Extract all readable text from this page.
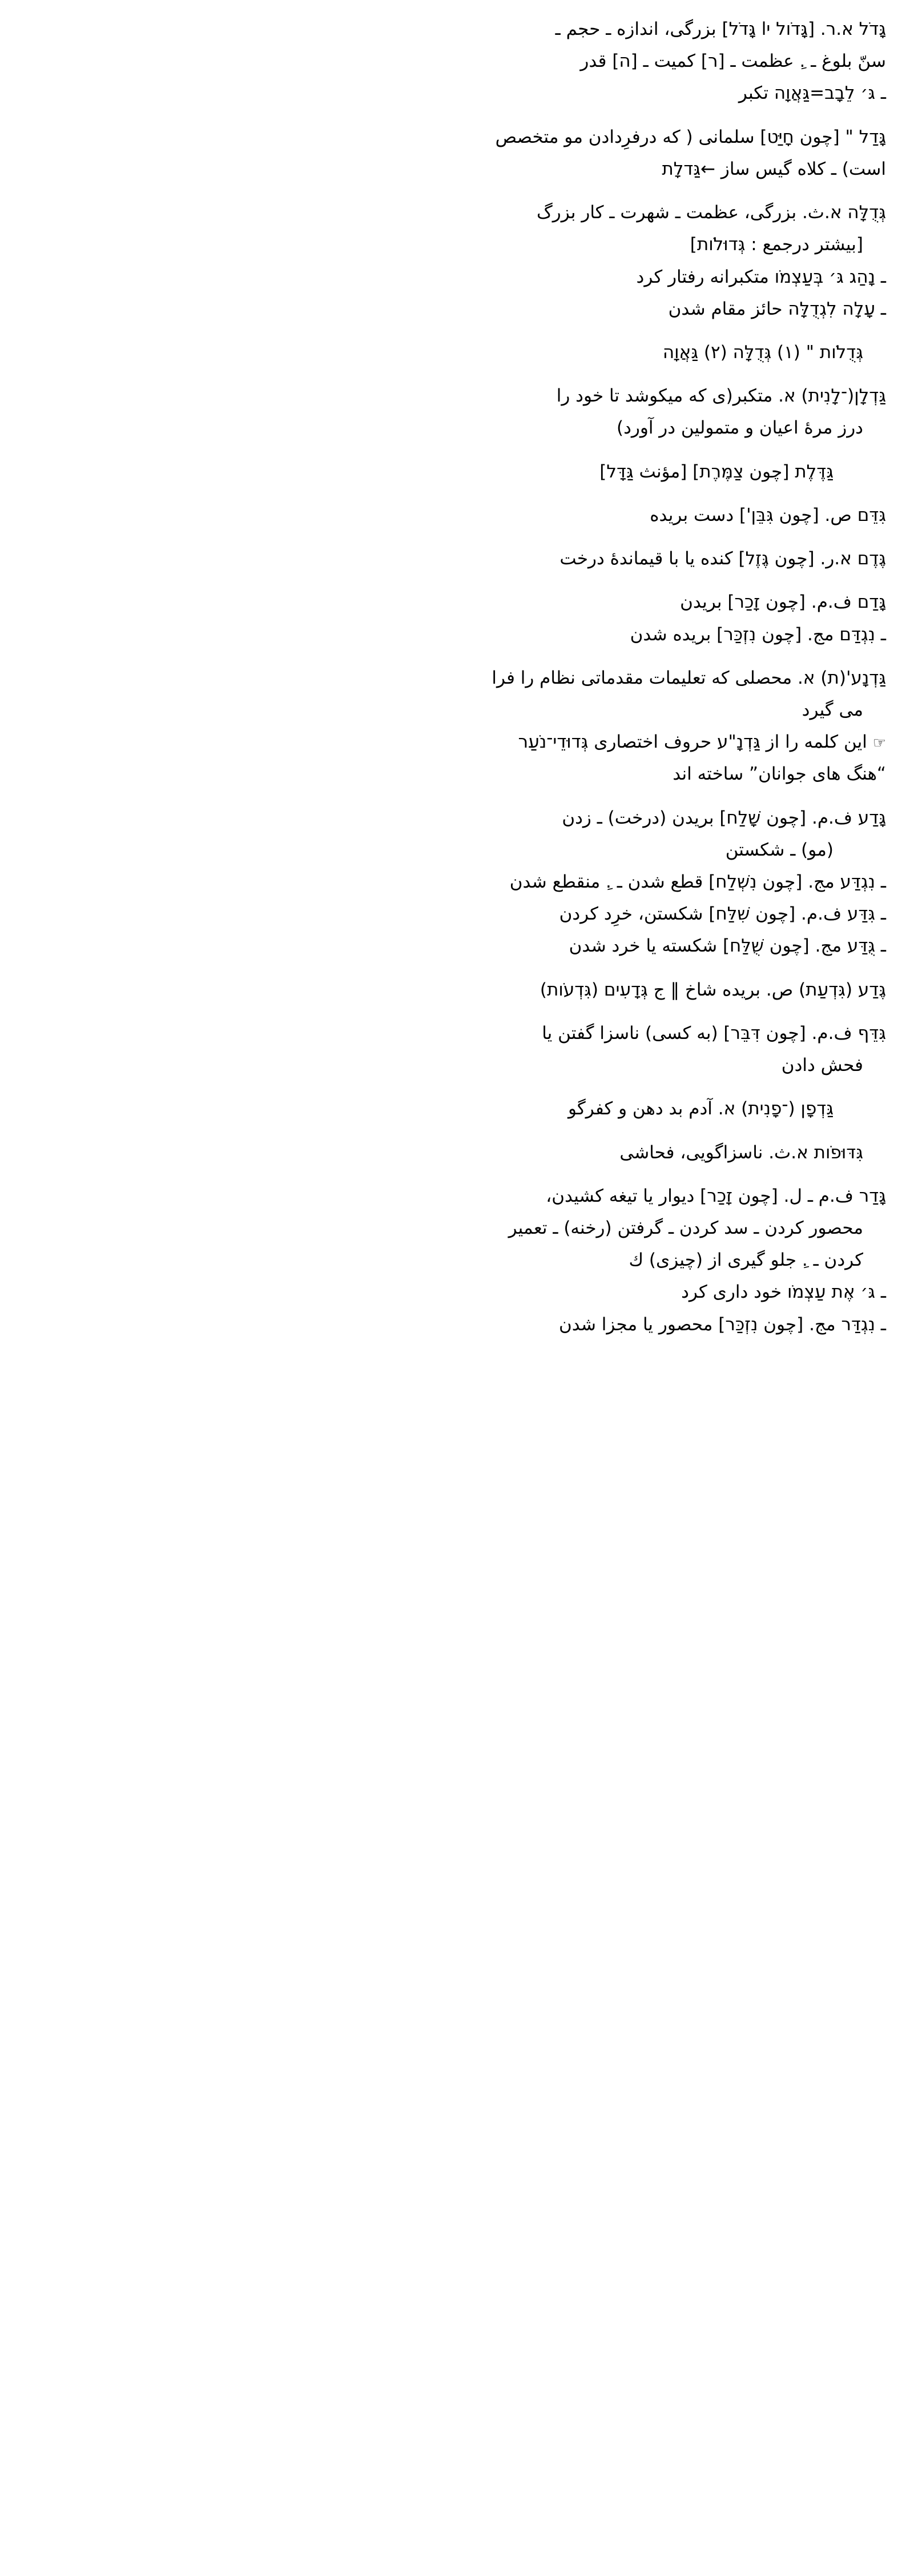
גָּדֹל א.ר. [גָּדֹול יا גָּדֹל] بزرگی، اندازه ـ حجم ـ
سنّ بلوغ ـ .ِ عظمت ـ [ר] کمیت ـ [ה] قدر
ـ גּ׳ לֵבָב=גַּאֲוָה تکبر
גָּדַל " [چون חָיַּט] سلمانی ( که درفرِدادن مو متخصص
است) ـ کلاه گیس ساز ←גַּדלָת
גְּדֻלָּה א.ث. بزرگی، عظمت ـ شهرت ـ کار بزرگ
[بیشتر درجمع : גְּדוּלֹות]
ـ נָהַג גּ׳ בְּעַצְמֹו متکبرانه رفتار کرد
ـ עָלָה לִגְדֻלָּה حائز مقام شدن
גְּדֻלֹות " (۱) גְּדֻלָּה (۲) גַּאֲוָה
גַּדְלָן(־לָנִית) א. متکبر(ی که میکوشد تا خود را
درز مرهٔ اعیان و متمولین در آورد)
גַּדֶּלֶת [چون צַמֶּרֶת] [مؤنث גַּדָּל]
גִּדֵּם ص. [چون גִּבֵּן'] دست بریده
גֶּדֶם א.ر. [چون גֶּזֶל] کنده یا با قیماندهٔ درخت
גָּדַם ف.م. [چون זָכַר] بریدن
ـ נִגְדַּם مج. [چون נִזְכַּר] بریده شدن
גַּדְנָע'(ת) א. محصلی که تعلیمات مقدماتی نظام را فرا
می گیرد
☞ این کلمه را از גַּדְנָ"ע حروف اختصاری גְּדוּדֵי־נֹעַר
“هنگ های جوانان” ساخته اند
גָּדַע ف.م. [چون שָׁלַח] بریدن (درخت) ـ زدن
(مو) ـ شکستن
ـ נִגְדַּע مج. [چون נִשְׁלַח] قطع شدن ـ .ِ منقطع شدن
ـ גִּדַּע ف.م. [چون שִׁלַּח] شکستن، خرِد کردن
ـ גֻּדַּע مج. [چون שֻׁלַּח] شکسته یا خرد شدن
גֶּדַע (גִּדְעַת) ص. بریده شاخ ‖ ج גְּדָעִים (גִּדְעֹות)
גִּדֵּף ف.م. [چون דִּבֵּר] (به کسی) ناسزا گفتن یا
فحش دادن
גַּדְפָן (־פָנִית) א. آدم بد دهن و کفرگو
גִּדּוּפֹות א.ث. ناسزاگویی، فحاشی
גָּדַר ف.م ـ ل. [چون זָכַר] دیوار یا تیغه کشیدن،
محصور کردن ـ سد کردن ـ گرفتن (رخنه) ـ تعمیر
کردن ـ .ِ جلو گیری از (چیزی) ك
ـ גּ׳ אֶת עַצְמֹו خود داری کرد
ـ נִגְדַּר مج. [چون נִזְכַּר] محصور یا مجزا شدن
